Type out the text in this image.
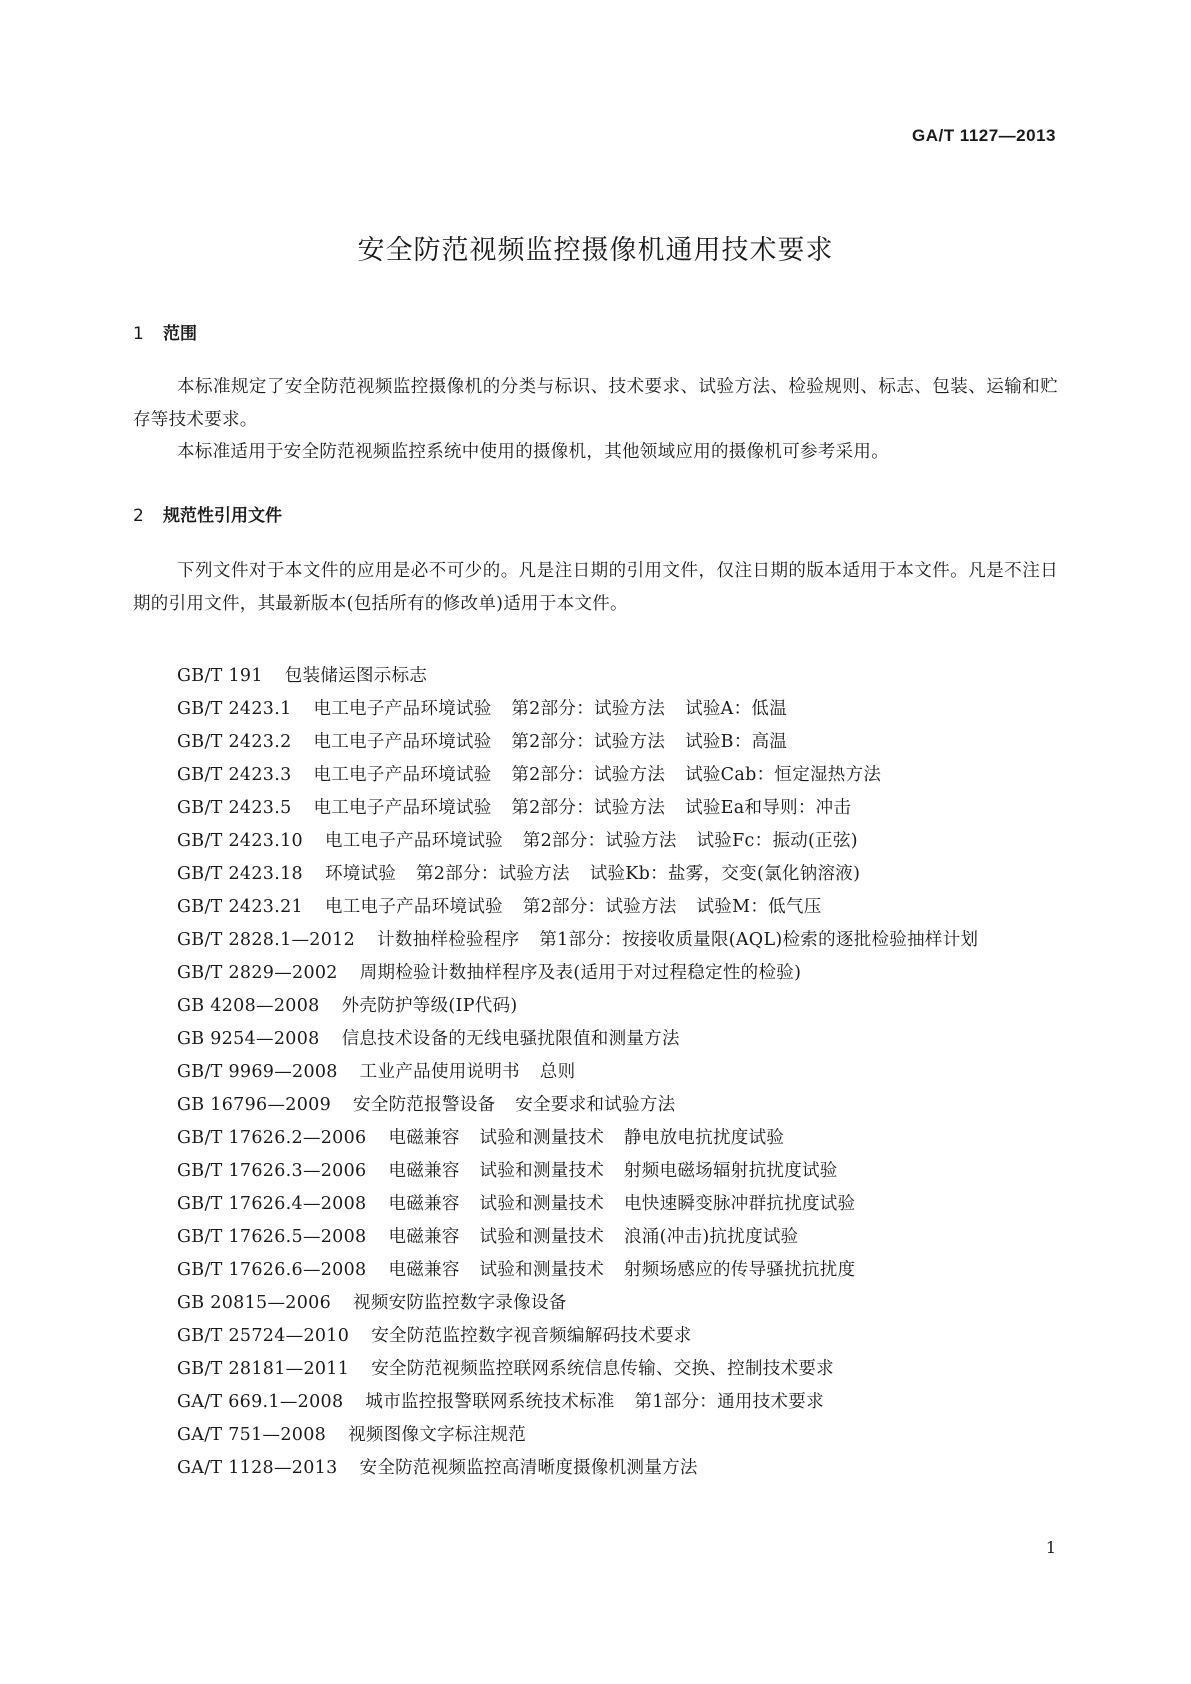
GA/T 1127—2013
安全防范视频监控摄像机通用技术要求
1 范围

本标准规定了安全防范视频监控摄像机的分类与标识、技术要求、试验方法、检验规则、标志、包装、运输和贮存等技术要求。

本标准适用于安全防范视频监控系统中使用的摄像机，其他领域应用的摄像机可参考采用。

2 规范性引用文件

下列文件对于本文件的应用是必不可少的。凡是注日期的引用文件，仅注日期的版本适用于本文件。凡是不注日期的引用文件，其最新版本(包括所有的修改单)适用于本文件。

GB/T 191 包装储运图示标志
GB/T 2423.1 电工电子产品环境试验 第2部分：试验方法 试验A：低温
GB/T 2423.2 电工电子产品环境试验 第2部分：试验方法 试验B：高温
GB/T 2423.3 电工电子产品环境试验 第2部分：试验方法 试验Cab：恒定湿热方法
GB/T 2423.5 电工电子产品环境试验 第2部分：试验方法 试验Ea和导则：冲击
GB/T 2423.10 电工电子产品环境试验 第2部分：试验方法 试验Fc：振动(正弦)
GB/T 2423.18 环境试验 第2部分：试验方法 试验Kb：盐雾，交变(氯化钠溶液)
GB/T 2423.21 电工电子产品环境试验 第2部分：试验方法 试验M：低气压
GB/T 2828.1—2012 计数抽样检验程序 第1部分：按接收质量限(AQL)检索的逐批检验抽样计划
GB/T 2829—2002 周期检验计数抽样程序及表(适用于对过程稳定性的检验)
GB 4208—2008 外壳防护等级(IP代码)
GB 9254—2008 信息技术设备的无线电骚扰限值和测量方法
GB/T 9969—2008 工业产品使用说明书 总则
GB 16796—2009 安全防范报警设备 安全要求和试验方法
GB/T 17626.2—2006 电磁兼容 试验和测量技术 静电放电抗扰度试验
GB/T 17626.3—2006 电磁兼容 试验和测量技术 射频电磁场辐射抗扰度试验
GB/T 17626.4—2008 电磁兼容 试验和测量技术 电快速瞬变脉冲群抗扰度试验
GB/T 17626.5—2008 电磁兼容 试验和测量技术 浪涌(冲击)抗扰度试验
GB/T 17626.6—2008 电磁兼容 试验和测量技术 射频场感应的传导骚扰抗扰度
GB 20815—2006 视频安防监控数字录像设备
GB/T 25724—2010 安全防范监控数字视音频编解码技术要求
GB/T 28181—2011 安全防范视频监控联网系统信息传输、交换、控制技术要求
GA/T 669.1—2008 城市监控报警联网系统技术标准 第1部分：通用技术要求
GA/T 751—2008 视频图像文字标注规范
GA/T 1128—2013 安全防范视频监控高清晰度摄像机测量方法
1
